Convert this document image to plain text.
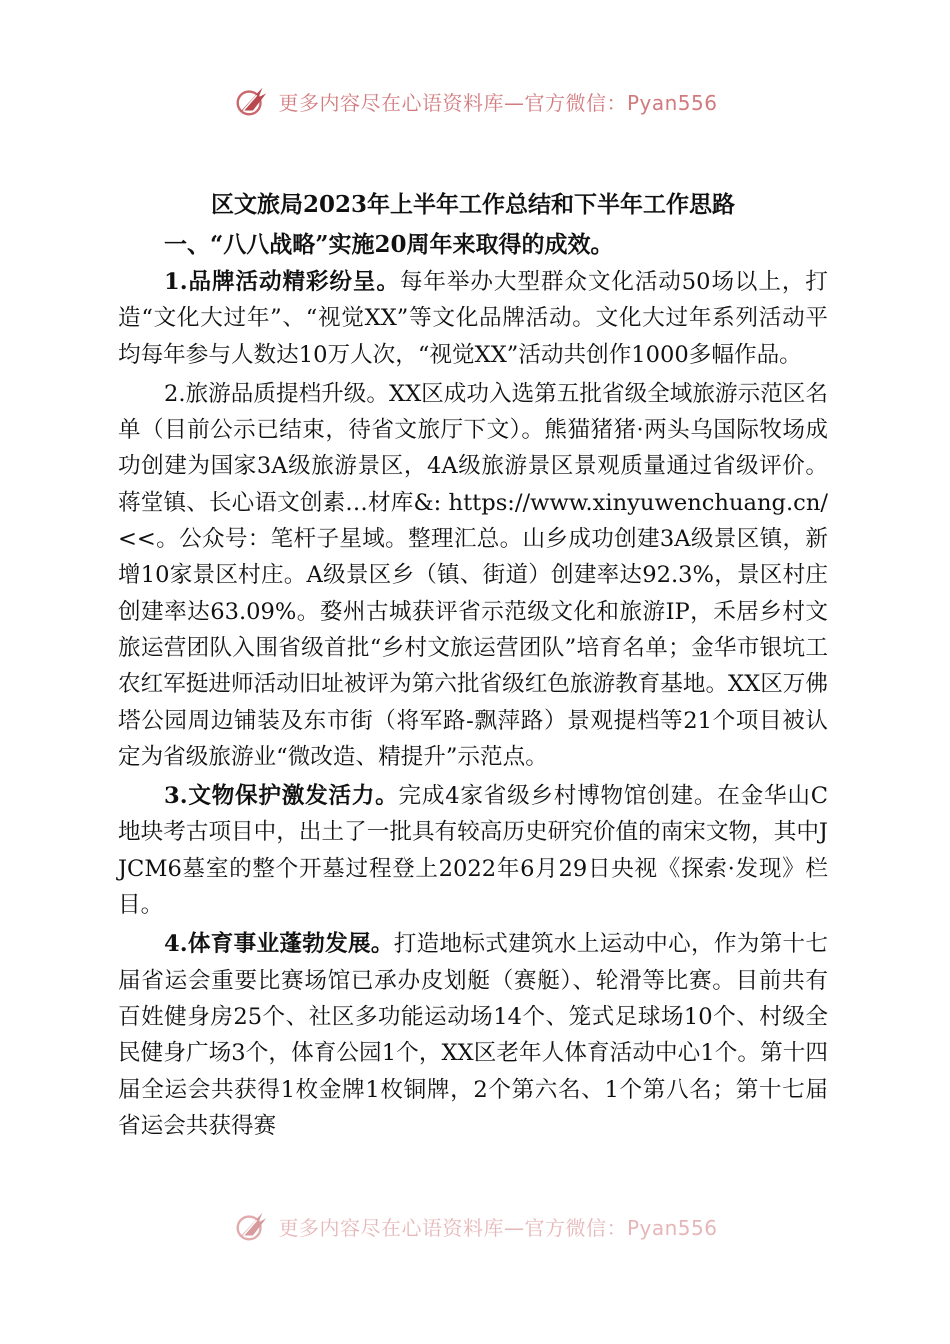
更多内容尽在心语资料库—官方微信：Pyan556

区文旅局2023年上半年工作总结和下半年工作思路

一、“八八战略”实施20周年来取得的成效。

1.品牌活动精彩纷呈。每年举办大型群众文化活动50场以上，打造“文化大过年”、“视觉XX”等文化品牌活动。文化大过年系列活动平均每年参与人数达10万人次，“视觉XX”活动共创作1000多幅作品。

2.旅游品质提档升级。XX区成功入选第五批省级全域旅游示范区名单（目前公示已结束，待省文旅厅下文）。熊猫猪猪·两头乌国际牧场成功创建为国家3A级旅游景区，4A级旅游景区景观质量通过省级评价。蒋堂镇、长心语文创素…材库&: https://www.xinyuwenchuang.cn/<<。公众号：笔杆子星域。整理汇总。山乡成功创建3A级景区镇，新增10家景区村庄。A级景区乡（镇、街道）创建率达92.3%，景区村庄创建率达63.09%。婺州古城获评省示范级文化和旅游IP，禾居乡村文旅运营团队入围省级首批“乡村文旅运营团队”培育名单；金华市银坑工农红军挺进师活动旧址被评为第六批省级红色旅游教育基地。XX区万佛塔公园周边铺装及东市街（将军路-飘萍路）景观提档等21个项目被认定为省级旅游业“微改造、精提升”示范点。

3.文物保护激发活力。完成4家省级乡村博物馆创建。在金华山C地块考古项目中，出土了一批具有较高历史研究价值的南宋文物，其中JJCM6墓室的整个开墓过程登上2022年6月29日央视《探索·发现》栏目。

4.体育事业蓬勃发展。打造地标式建筑水上运动中心，作为第十七届省运会重要比赛场馆已承办皮划艇（赛艇）、轮滑等比赛。目前共有百姓健身房25个、社区多功能运动场14个、笼式足球场10个、村级全民健身广场3个，体育公园1个，XX区老年人体育活动中心1个。第十四届全运会共获得1枚金牌1枚铜牌，2个第六名、1个第八名；第十七届省运会共获得赛

更多内容尽在心语资料库—官方微信：Pyan556
